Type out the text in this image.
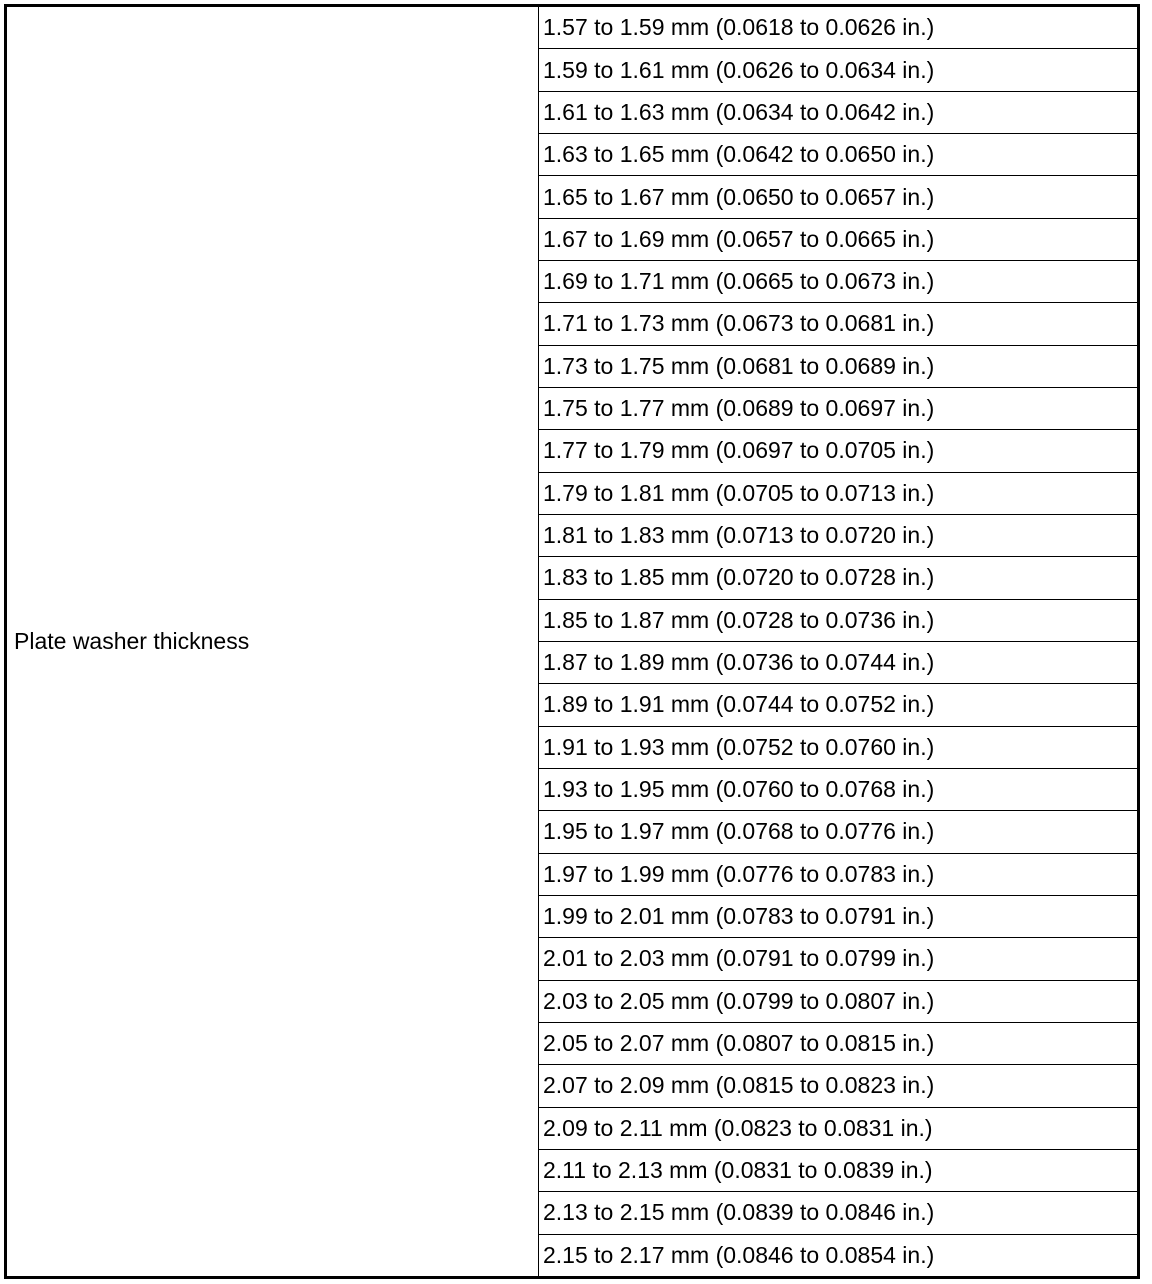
Plate washer thickness	1.57 to 1.59 mm (0.0618 to 0.0626 in.)
1.59 to 1.61 mm (0.0626 to 0.0634 in.)
1.61 to 1.63 mm (0.0634 to 0.0642 in.)
1.63 to 1.65 mm (0.0642 to 0.0650 in.)
1.65 to 1.67 mm (0.0650 to 0.0657 in.)
1.67 to 1.69 mm (0.0657 to 0.0665 in.)
1.69 to 1.71 mm (0.0665 to 0.0673 in.)
1.71 to 1.73 mm (0.0673 to 0.0681 in.)
1.73 to 1.75 mm (0.0681 to 0.0689 in.)
1.75 to 1.77 mm (0.0689 to 0.0697 in.)
1.77 to 1.79 mm (0.0697 to 0.0705 in.)
1.79 to 1.81 mm (0.0705 to 0.0713 in.)
1.81 to 1.83 mm (0.0713 to 0.0720 in.)
1.83 to 1.85 mm (0.0720 to 0.0728 in.)
1.85 to 1.87 mm (0.0728 to 0.0736 in.)
1.87 to 1.89 mm (0.0736 to 0.0744 in.)
1.89 to 1.91 mm (0.0744 to 0.0752 in.)
1.91 to 1.93 mm (0.0752 to 0.0760 in.)
1.93 to 1.95 mm (0.0760 to 0.0768 in.)
1.95 to 1.97 mm (0.0768 to 0.0776 in.)
1.97 to 1.99 mm (0.0776 to 0.0783 in.)
1.99 to 2.01 mm (0.0783 to 0.0791 in.)
2.01 to 2.03 mm (0.0791 to 0.0799 in.)
2.03 to 2.05 mm (0.0799 to 0.0807 in.)
2.05 to 2.07 mm (0.0807 to 0.0815 in.)
2.07 to 2.09 mm (0.0815 to 0.0823 in.)
2.09 to 2.11 mm (0.0823 to 0.0831 in.)
2.11 to 2.13 mm (0.0831 to 0.0839 in.)
2.13 to 2.15 mm (0.0839 to 0.0846 in.)
2.15 to 2.17 mm (0.0846 to 0.0854 in.)
